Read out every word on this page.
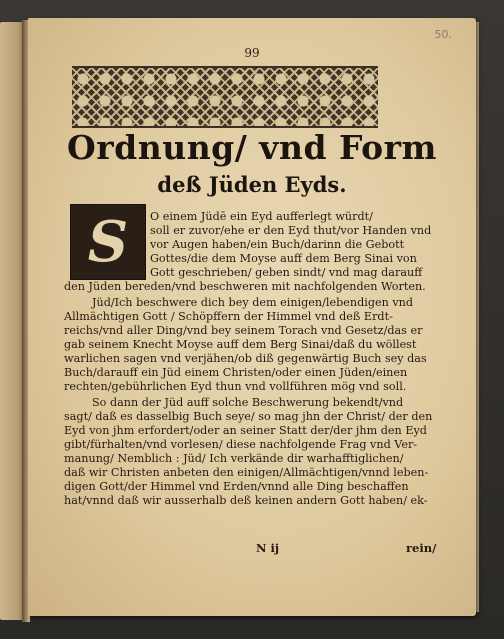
50.
99
Ordnung/ vnd Form
deß Jüden Eyds.
S	O einem Jüdē ein Eyd aufferlegt würdt/
soll er zuvor/ehe er den Eyd thut/vor Handen vnd
vor Augen haben/ein Buch/darinn die Gebott
Gottes/die dem Moyse auff dem Berg Sinai von
Gott geschrieben/ geben sindt/ vnd mag darauff
den Jüden bereden/vnd beschweren mit nachfolgenden Worten.
Jüd/Ich beschwere dich bey dem einigen/lebendigen vnd
Allmächtigen Gott / Schöpffern der Himmel vnd deß Erdt-
reichs/vnd aller Ding/vnd bey seinem Torach vnd Gesetz/das er
gab seinem Knecht Moyse auff dem Berg Sinai/daß du wöllest
warlichen sagen vnd verjähen/ob diß gegenwärtig Buch sey das
Buch/darauff ein Jüd einem Christen/oder einen Jüden/einen
rechten/gebührlichen Eyd thun vnd vollführen mög vnd soll.
So dann der Jüd auff solche Beschwerung bekendt/vnd
sagt/ daß es dasselbig Buch seye/ so mag jhn der Christ/ der den
Eyd von jhm erfordert/oder an seiner Statt der/der jhm den Eyd
gibt/fürhalten/vnd vorlesen/ diese nachfolgende Frag vnd Ver-
manung/ Nemblich : Jüd/ Ich verkände dir warhafftiglichen/
daß wir Christen anbeten den einigen/Allmächtigen/vnnd leben-
digen Gott/der Himmel vnd Erden/vnnd alle Ding beschaffen
hat/vnnd daß wir ausserhalb deß keinen andern Gott haben/ ek-
N ij	rein/
